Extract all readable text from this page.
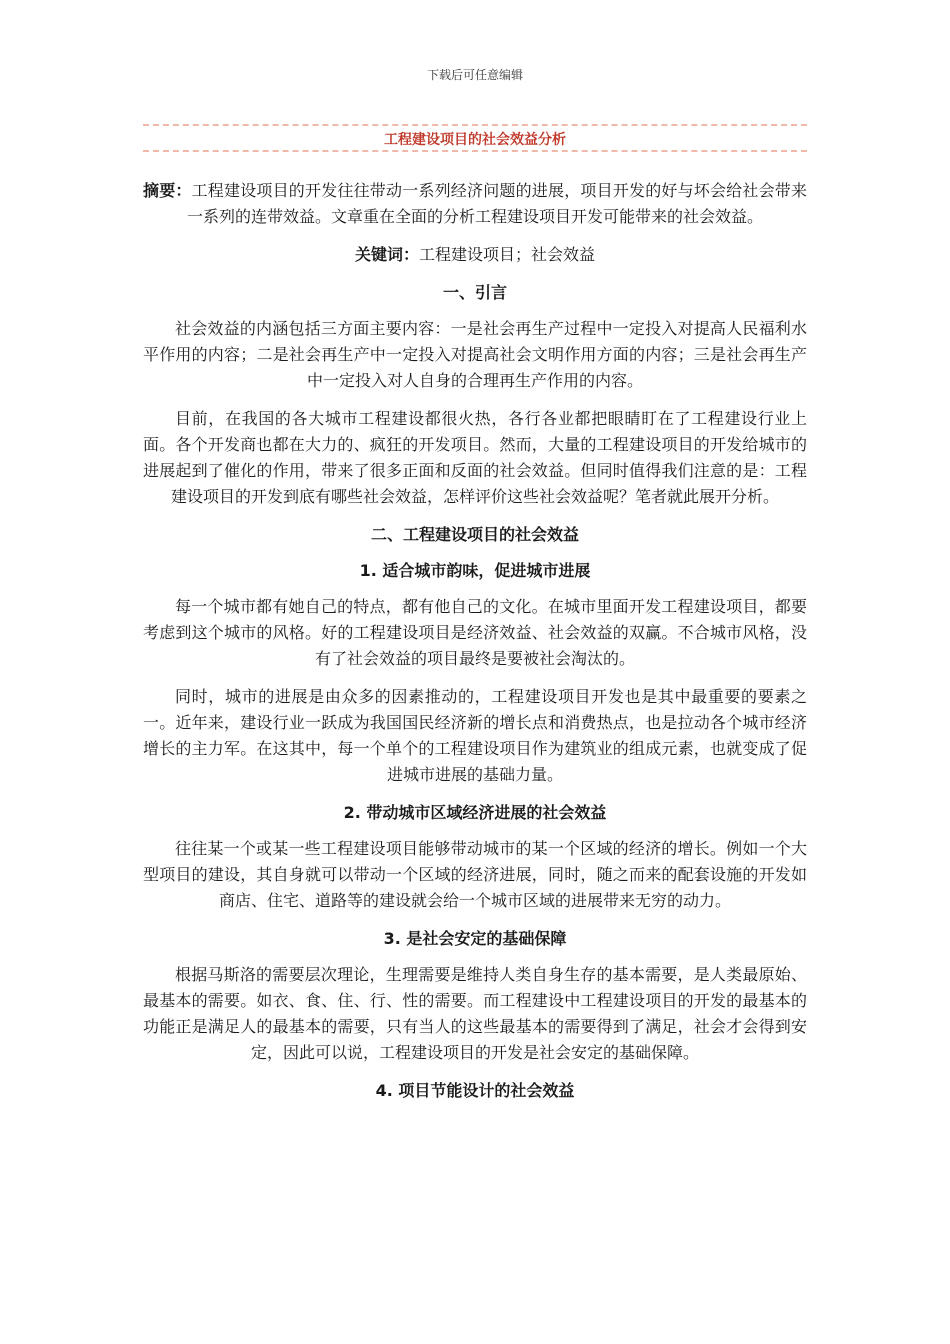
下载后可任意编辑
工程建设项目的社会效益分析

摘要：工程建设项目的开发往往带动一系列经济问题的进展，项目开发的好与坏会给社会带来一系列的连带效益。文章重在全面的分析工程建设项目开发可能带来的社会效益。

关键词：工程建设项目；社会效益

一、引言

社会效益的内涵包括三方面主要内容：一是社会再生产过程中一定投入对提高人民福利水平作用的内容；二是社会再生产中一定投入对提高社会文明作用方面的内容；三是社会再生产中一定投入对人自身的合理再生产作用的内容。

目前，在我国的各大城市工程建设都很火热，各行各业都把眼睛盯在了工程建设行业上面。各个开发商也都在大力的、疯狂的开发项目。然而，大量的工程建设项目的开发给城市的进展起到了催化的作用，带来了很多正面和反面的社会效益。但同时值得我们注意的是：工程建设项目的开发到底有哪些社会效益，怎样评价这些社会效益呢？笔者就此展开分析。

二、工程建设项目的社会效益
1. 适合城市韵味，促进城市进展

每一个城市都有她自己的特点，都有他自己的文化。在城市里面开发工程建设项目，都要考虑到这个城市的风格。好的工程建设项目是经济效益、社会效益的双赢。不合城市风格，没有了社会效益的项目最终是要被社会淘汰的。

同时，城市的进展是由众多的因素推动的，工程建设项目开发也是其中最重要的要素之一。近年来，建设行业一跃成为我国国民经济新的增长点和消费热点，也是拉动各个城市经济增长的主力军。在这其中，每一个单个的工程建设项目作为建筑业的组成元素，也就变成了促进城市进展的基础力量。

2. 带动城市区域经济进展的社会效益

往往某一个或某一些工程建设项目能够带动城市的某一个区域的经济的增长。例如一个大型项目的建设，其自身就可以带动一个区域的经济进展，同时，随之而来的配套设施的开发如商店、住宅、道路等的建设就会给一个城市区域的进展带来无穷的动力。

3. 是社会安定的基础保障

根据马斯洛的需要层次理论，生理需要是维持人类自身生存的基本需要，是人类最原始、最基本的需要。如衣、食、住、行、性的需要。而工程建设中工程建设项目的开发的最基本的功能正是满足人的最基本的需要，只有当人的这些最基本的需要得到了满足，社会才会得到安定，因此可以说，工程建设项目的开发是社会安定的基础保障。

4. 项目节能设计的社会效益
